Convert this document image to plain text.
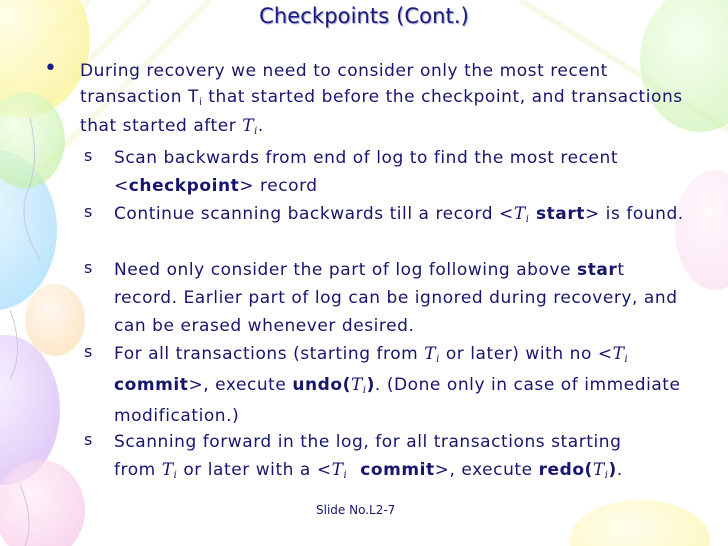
Checkpoints (Cont.)
• During recovery we need to consider only the most recent transaction Ti that started before the checkpoint, and transactions that started after Ti.
s Scan backwards from end of log to find the most recent <checkpoint> record
s Continue scanning backwards till a record <Ti start> is found.
s Need only consider the part of log following above start record. Earlier part of log can be ignored during recovery, and can be erased whenever desired.
s For all transactions (starting from Ti or later) with no <Ti commit>, execute undo(Ti). (Done only in case of immediate modification.)
s Scanning forward in the log, for all transactions starting          from Ti or later with a <Ti  commit>, execute redo(Ti).
Slide No.L2-7
